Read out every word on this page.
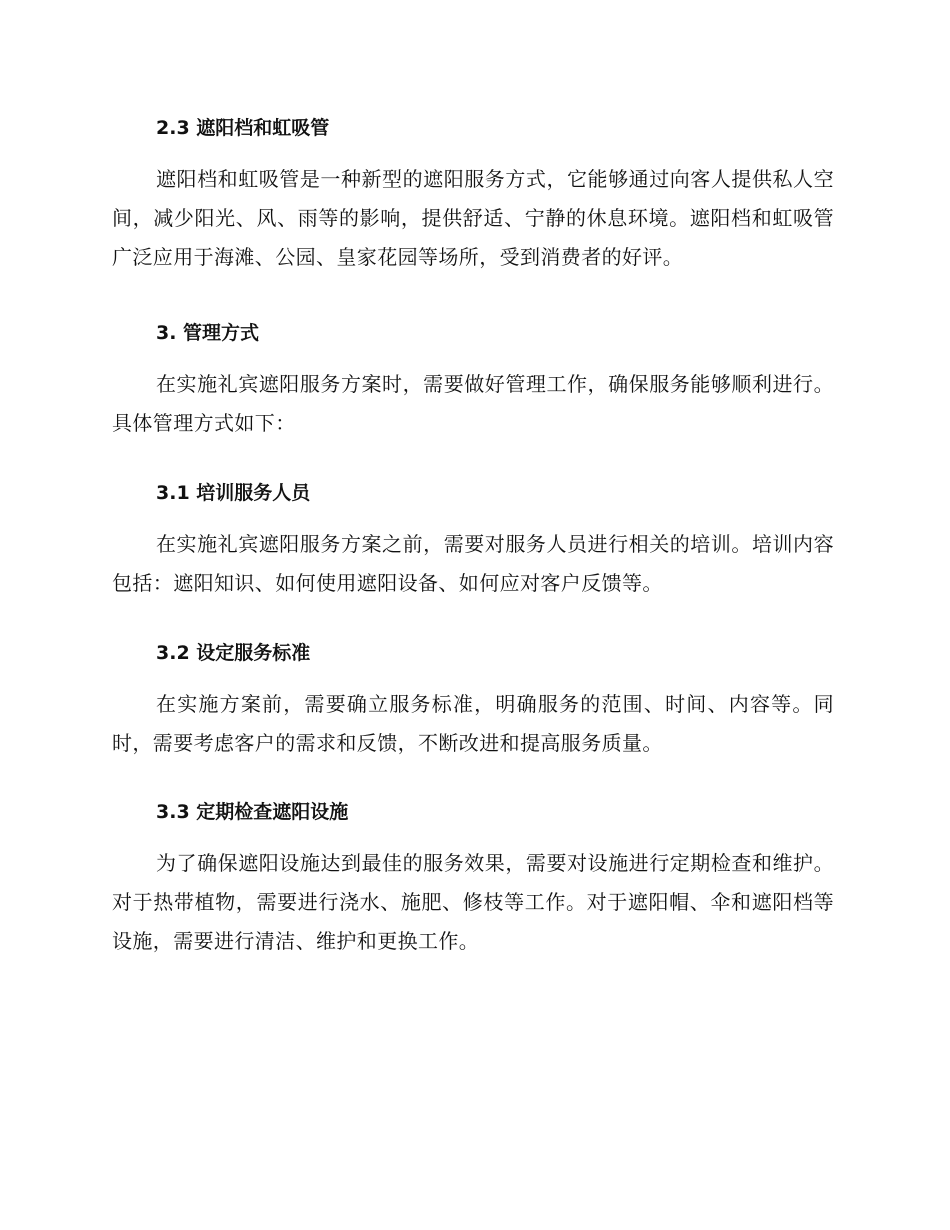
2.3 遮阳档和虹吸管

遮阳档和虹吸管是一种新型的遮阳服务方式，它能够通过向客人提供私人空间，减少阳光、风、雨等的影响，提供舒适、宁静的休息环境。遮阳档和虹吸管广泛应用于海滩、公园、皇家花园等场所，受到消费者的好评。

3. 管理方式

在实施礼宾遮阳服务方案时，需要做好管理工作，确保服务能够顺利进行。具体管理方式如下：

3.1 培训服务人员

在实施礼宾遮阳服务方案之前，需要对服务人员进行相关的培训。培训内容包括：遮阳知识、如何使用遮阳设备、如何应对客户反馈等。

3.2 设定服务标准

在实施方案前，需要确立服务标准，明确服务的范围、时间、内容等。同时，需要考虑客户的需求和反馈，不断改进和提高服务质量。

3.3 定期检查遮阳设施

为了确保遮阳设施达到最佳的服务效果，需要对设施进行定期检查和维护。对于热带植物，需要进行浇水、施肥、修枝等工作。对于遮阳帽、伞和遮阳档等设施，需要进行清洁、维护和更换工作。
